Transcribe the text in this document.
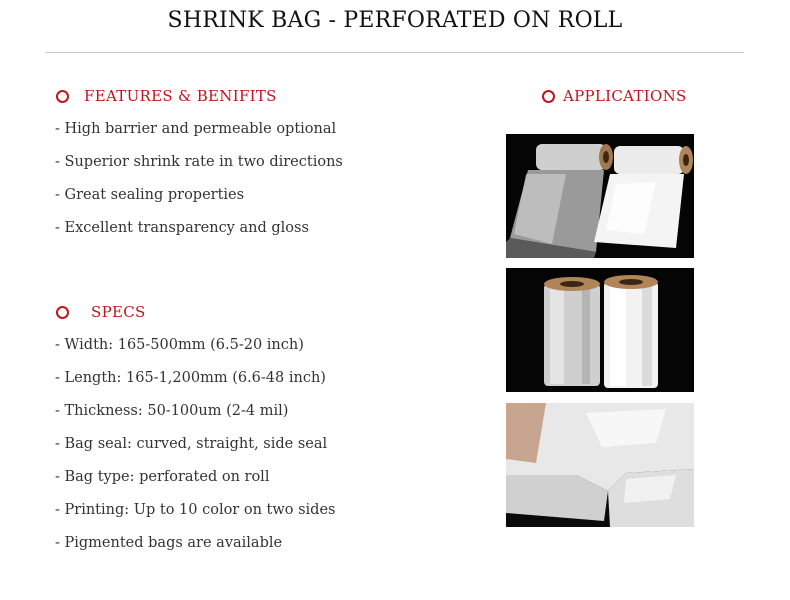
SHRINK BAG - PERFORATED ON ROLL
FEATURES & BENIFITS
- High barrier and permeable optional
- Superior shrink rate in two directions
- Great sealing properties
- Excellent transparency and gloss
SPECS
- Width: 165-500mm (6.5-20 inch)
- Length: 165-1,200mm (6.6-48 inch)
- Thickness: 50-100um (2-4 mil)
- Bag seal: curved, straight, side seal
- Bag type: perforated on roll
- Printing: Up to 10 color on two sides
- Pigmented bags are available
APPLICATIONS
